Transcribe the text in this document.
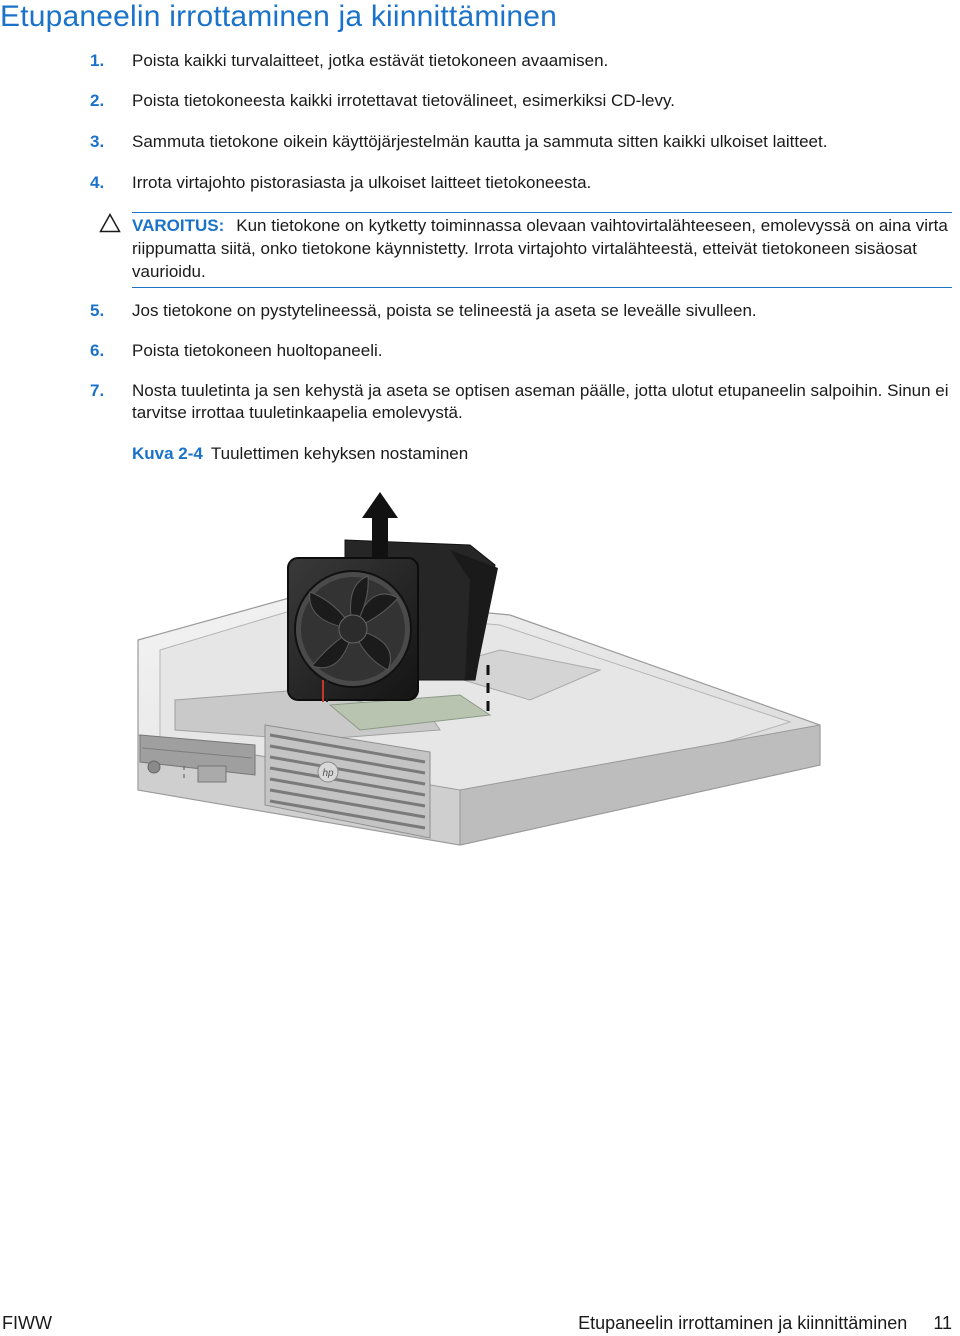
Etupaneelin irrottaminen ja kiinnittäminen
1. Poista kaikki turvalaitteet, jotka estävät tietokoneen avaamisen.
2. Poista tietokoneesta kaikki irrotettavat tietovälineet, esimerkiksi CD-levy.
3. Sammuta tietokone oikein käyttöjärjestelmän kautta ja sammuta sitten kaikki ulkoiset laitteet.
4. Irrota virtajohto pistorasiasta ja ulkoiset laitteet tietokoneesta.
VAROITUS: Kun tietokone on kytketty toiminnassa olevaan vaihtovirtalähteeseen, emolevyssä on aina virta riippumatta siitä, onko tietokone käynnistetty. Irrota virtajohto virtalähteestä, etteivät tietokoneen sisäosat vaurioidu.
5. Jos tietokone on pystytelineessä, poista se telineestä ja aseta se leveälle sivulleen.
6. Poista tietokoneen huoltopaneeli.
7. Nosta tuuletinta ja sen kehystä ja aseta se optisen aseman päälle, jotta ulotut etupaneelin salpoihin. Sinun ei tarvitse irrottaa tuuletinkaapelia emolevystä.
Kuva 2-4 Tuulettimen kehyksen nostaminen
hp
FIWW	Etupaneelin irrottaminen ja kiinnittäminen 11
